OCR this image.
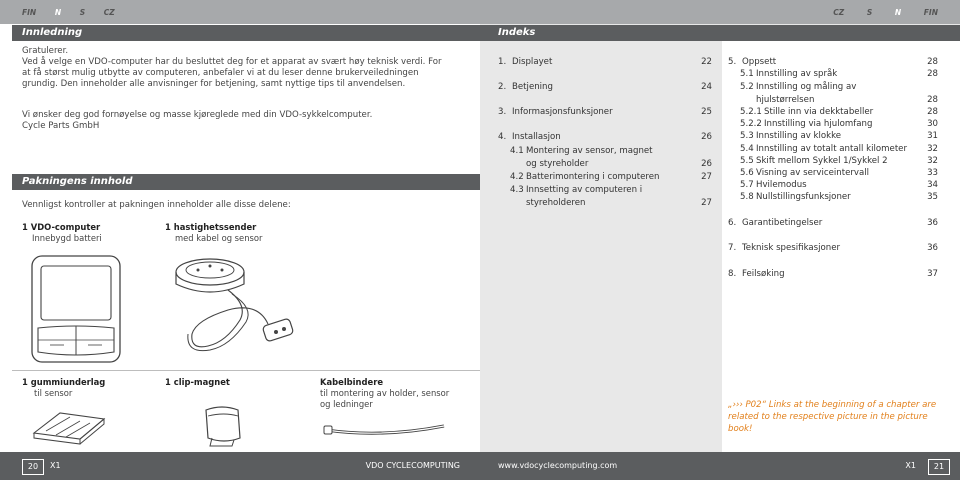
FIN N S CZ
Innledning
Gratulerer.
Ved å velge en VDO-computer har du besluttet deg for et apparat av svært høy teknisk verdi. For at få størst mulig utbytte av computeren, anbefaler vi at du leser denne brukerveiledningen grundig. Den inneholder alle anvisninger for betjening, samt nyttige tips til anvendelsen.
Vi ønsker deg god fornøyelse og masse kjøreglede med din VDO-sykkelcomputer.
Cycle Parts GmbH
Pakningens innhold
Vennligst kontroller at pakningen inneholder alle disse delene:
1 VDO-computer
Innebygd batteri
1 hastighetssender
med kabel og sensor
1 gummiunderlag
til sensor
1 clip-magnet	Kabelbindere
til montering av holder, sensor og ledninger
20	X1	VDO CYCLECOMPUTING
CZ	S	N	FIN
Indeks
1. Displayet	22
2. Betjening	24
3. Informasjonsfunksjoner	25
4. Installasjon	26
4.1 Montering av sensor, magnet
og styreholder	26
4.2 Batterimontering i computeren	27
4.3 Innsetting av computeren i
styreholderen	27
5. Oppsett	28
5.1 Innstilling av språk	28
5.2 Innstilling og måling av
hjulstørrelsen	28
5.2.1 Stille inn via dekktabeller	28
5.2.2 Innstilling via hjulomfang	30
5.3 Innstilling av klokke	31
5.4 Innstilling av totalt antall kilometer	32
5.5 Skift mellom Sykkel 1/Sykkel 2	32
5.6 Visning av serviceintervall	33
5.7 Hvilemodus	34
5.8 Nullstillingsfunksjoner	35
6. Garantibetingelser	36
7. Teknisk spesifikasjoner	36
8. Feilsøking	37
„››› P02“ Links at the beginning of a chapter are related to the respective picture in the picture book!
www.vdocyclecomputing.com	X1	21
